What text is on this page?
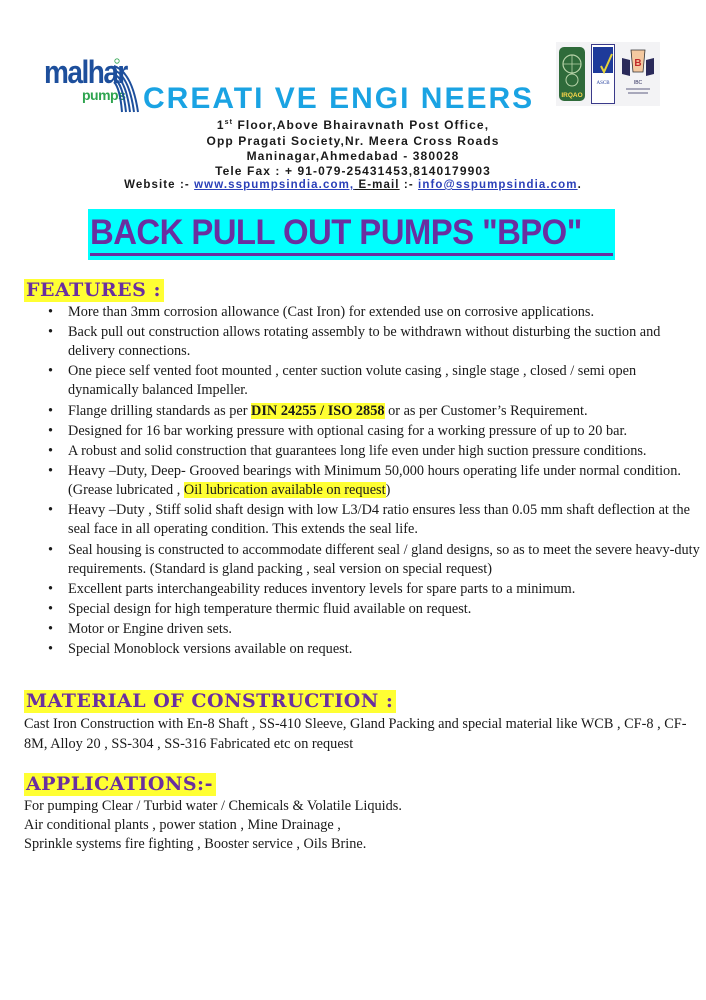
malhar
pumps CREATI VE ENGI NEERS	IRQAO
ASCB
B
IBC
1st Floor,Above Bhairavnath Post Office,
Opp Pragati Society,Nr. Meera Cross Roads
Maninagar,Ahmedabad - 380028
Tele Fax : + 91-079-25431453,8140179903
Website :- www.sspumpsindia.com, E-mail :- info@sspumpsindia.com.
BACK PULL OUT PUMPS "BPO"
FEATURES :
• More than 3mm corrosion allowance (Cast Iron) for extended use on corrosive applications.
• Back pull out construction allows rotating assembly to be withdrawn without disturbing the suction and delivery connections.
• One piece self vented foot mounted , center suction volute casing , single stage , closed / semi open dynamically balanced Impeller.
• Flange drilling standards as per DIN 24255 / ISO 2858 or as per Customer’s Requirement.
• Designed for 16 bar working pressure with optional casing for a working pressure of up to 20 bar.
• A robust and solid construction that guarantees long life even under high suction pressure conditions.
• Heavy –Duty, Deep- Grooved bearings with Minimum 50,000 hours operating life under normal condition. (Grease lubricated , Oil lubrication available on request)
• Heavy –Duty , Stiff solid shaft design with low L3/D4 ratio ensures less than 0.05 mm shaft deflection at the seal face in all operating condition. This extends the seal life.
• Seal housing is constructed to accommodate different seal / gland designs, so as to meet the severe heavy-duty requirements. (Standard is gland packing , seal version on special request)
• Excellent parts interchangeability reduces inventory levels for spare parts to a minimum.
• Special design for high temperature thermic fluid available on request.
• Motor or Engine driven sets.
• Special Monoblock versions available on request.
MATERIAL OF CONSTRUCTION :
Cast Iron Construction with En-8 Shaft , SS-410 Sleeve, Gland Packing and special material like WCB , CF-8 , CF-8M, Alloy 20 , SS-304 , SS-316 Fabricated etc on request
APPLICATIONS:-
For pumping Clear / Turbid water / Chemicals & Volatile Liquids.
Air conditional plants , power station , Mine Drainage ,
Sprinkle systems fire fighting , Booster service , Oils Brine.
